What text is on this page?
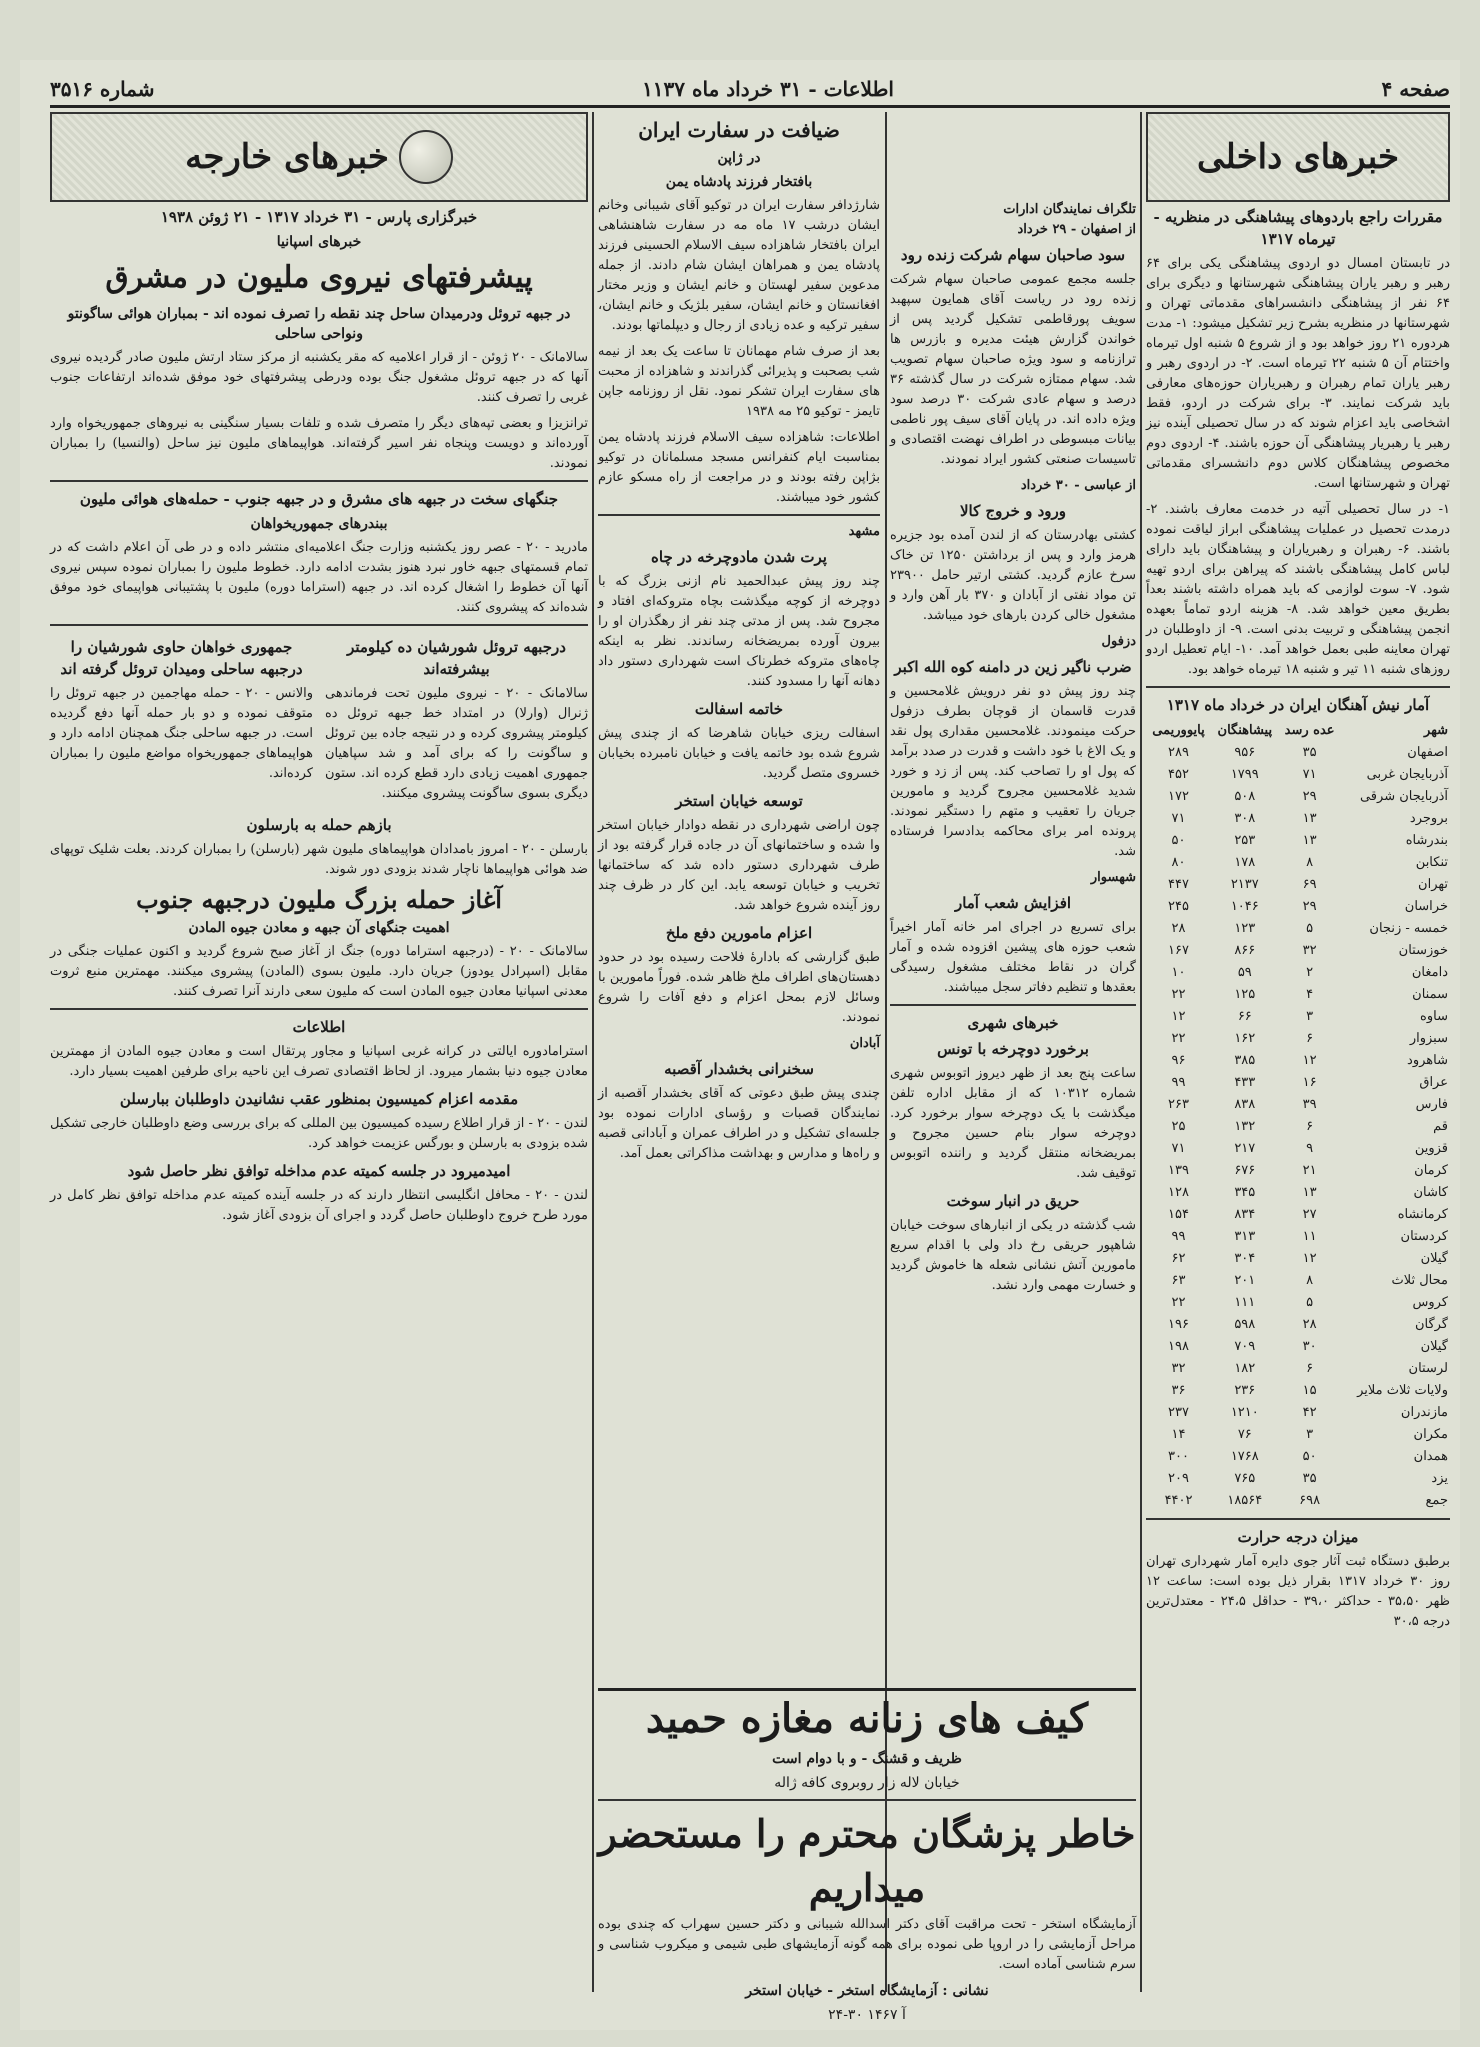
صفحه ۴
اطلاعات - ۳۱ خرداد ماه ۱۱۳۷
شماره ۳۵۱۶
خبرهای داخلی
مقررات راجع باردوهای پیشاهنگی در منظریه - تیرماه ۱۳۱۷

در تابستان امسال دو اردوی پیشاهنگی یکی برای ۶۴ رهبر و رهبر یاران پیشاهنگی شهرستانها و دیگری برای ۶۴ نفر از پیشاهنگی دانشسراهای مقدماتی تهران و شهرستانها در منظریه بشرح زیر تشکیل میشود: ۱- مدت هردوره ۲۱ روز خواهد بود و از شروع ۵ شنبه اول تیرماه واختتام آن ۵ شنبه ۲۲ تیرماه است. ۲- در اردوی رهبر و رهبر یاران تمام رهبران و رهبریاران حوزه‌های معارفی باید شرکت نمایند. ۳- برای شرکت در اردو، فقط اشخاصی باید اعزام شوند که در سال تحصیلی آینده نیز رهبر یا رهبریار پیشاهنگی آن حوزه باشند. ۴- اردوی دوم مخصوص پیشاهنگان کلاس دوم دانشسرای مقدماتی تهران و شهرستانها است.

۱- در سال تحصیلی آتیه در خدمت معارف باشند. ۲- درمدت تحصیل در عملیات پیشاهنگی ابراز لیاقت نموده باشند. ۶- رهبران و رهبریاران و پیشاهنگان باید دارای لباس کامل پیشاهنگی باشند که پیراهن برای اردو تهیه شود. ۷- سوت لوازمی که باید همراه داشته باشند بعداً بطریق معین خواهد شد. ۸- هزینه اردو تماماً بعهده انجمن پیشاهنگی و تربیت بدنی است. ۹- از داوطلبان در تهران معاینه طبی بعمل خواهد آمد. ۱۰- ایام تعطیل اردو روزهای شنبه ۱۱ تیر و شنبه ۱۸ تیرماه خواهد بود.

آمار نیش آهنگان ایران در خرداد ماه ۱۳۱۷
شهر	عده رسد	پیشاهنگان	پایووریمی
اصفهان	۳۵	۹۵۶	۲۸۹
آذربایجان غربی	۷۱	۱۷۹۹	۴۵۲
آذربایجان شرقی	۲۹	۵۰۸	۱۷۲
بروجرد	۱۳	۳۰۸	۷۱
بندرشاه	۱۳	۲۵۳	۵۰
تنکابن	۸	۱۷۸	۸۰
تهران	۶۹	۲۱۳۷	۴۴۷
خراسان	۲۹	۱۰۴۶	۲۴۵
خمسه - زنجان	۵	۱۲۳	۲۸
خوزستان	۳۲	۸۶۶	۱۶۷
دامغان	۲	۵۹	۱۰
سمنان	۴	۱۲۵	۲۲
ساوه	۳	۶۶	۱۲
سبزوار	۶	۱۶۲	۲۲
شاهرود	۱۲	۳۸۵	۹۶
عراق	۱۶	۴۳۳	۹۹
فارس	۳۹	۸۳۸	۲۶۳
قم	۶	۱۳۲	۲۵
قزوین	۹	۲۱۷	۷۱
کرمان	۲۱	۶۷۶	۱۳۹
کاشان	۱۳	۳۴۵	۱۲۸
کرمانشاه	۲۷	۸۳۴	۱۵۴
کردستان	۱۱	۳۱۳	۹۹
گیلان	۱۲	۳۰۴	۶۲
محال ثلاث	۸	۲۰۱	۶۳
کروس	۵	۱۱۱	۲۲
گرگان	۲۸	۵۹۸	۱۹۶
گیلان	۳۰	۷۰۹	۱۹۸
لرستان	۶	۱۸۲	۳۲
ولایات ثلاث ملایر	۱۵	۲۳۶	۳۶
مازندران	۴۲	۱۲۱۰	۲۳۷
مکران	۳	۷۶	۱۴
همدان	۵۰	۱۷۶۸	۳۰۰
یزد	۳۵	۷۶۵	۲۰۹
جمع	۶۹۸	۱۸۵۶۴	۴۴۰۲
میزان درجه حرارت

برطبق دستگاه ثبت آثار جوی دایره آمار شهرداری تهران روز ۳۰ خرداد ۱۳۱۷ بقرار ذیل بوده است: ساعت ۱۲ ظهر ۳۵،۵۰ - حداکثر ۳۹،۰ - حداقل ۲۴،۵ - معتدل‌ترین درجه ۳۰،۵

تلگراف نمایندگان ادارات
از اصفهان - ۲۹ خرداد
سود صاحبان سهام شرکت زنده رود

جلسه مجمع عمومی صاحبان سهام شرکت زنده رود در ریاست آقای همایون سپهبد سویف پورقاطمی تشکیل گردید پس از خواندن گزارش هیئت مدیره و بازرس ها ترازنامه و سود ویژه صاحبان سهام تصویب شد. سهام ممتازه شرکت در سال گذشته ۳۶ درصد و سهام عادی شرکت ۳۰ درصد سود ویژه داده اند. در پایان آقای سیف پور ناطمی بیانات مبسوطی در اطراف نهضت اقتصادی و تاسیسات صنعتی کشور ایراد نمودند.

از عباسی - ۳۰ خرداد
ورود و خروج کالا

کشتی بهادرستان که از لندن آمده بود جزیره هرمز وارد و پس از برداشتن ۱۲۵۰ تن خاک سرخ عازم گردید. کشتی ارتیر حامل ۲۳۹۰۰ تن مواد نفتی از آبادان و ۳۷۰ بار آهن وارد و مشغول خالی کردن بارهای خود میباشد.

دزفول
ضرب ناگیر زین در دامنه کوه الله اکبر

چند روز پیش دو نفر درویش غلامحسین و قدرت قاسمان از قوچان بطرف دزفول حرکت مینمودند. غلامحسین مقداری پول نقد و یک الاغ با خود داشت و قدرت در صدد برآمد که پول او را تصاحب کند. پس از زد و خورد شدید غلامحسین مجروح گردید و مامورین جریان را تعقیب و متهم را دستگیر نمودند. پرونده امر برای محاکمه بدادسرا فرستاده شد.

شهسوار
افزایش شعب آمار

برای تسریع در اجرای امر خانه آمار اخیراً شعب حوزه های پیشین افزوده شده و آمار گران در نقاط مختلف مشغول رسیدگی بعقدها و تنظیم دفاتر سجل میباشند.

خبرهای شهری
برخورد دوچرخه با تونس

ساعت پنج بعد از ظهر دیروز اتوبوس شهری شماره ۱۰۳۱۲ که از مقابل اداره تلفن میگذشت با یک دوچرخه سوار برخورد کرد. دوچرخه سوار بنام حسین مجروح و بمریضخانه منتقل گردید و راننده اتوبوس توقیف شد.

حریق در انبار سوخت

شب گذشته در یکی از انبارهای سوخت خیابان شاهپور حریقی رخ داد ولی با اقدام سریع مامورین آتش نشانی شعله ها خاموش گردید و خسارت مهمی وارد نشد.

ضیافت در سفارت ایران
در ژاپن
بافتخار فرزند پادشاه یمن

شارژدافر سفارت ایران در توکیو آقای شیبانی وخانم ایشان درشب ۱۷ ماه مه در سفارت شاهنشاهی ایران بافتخار شاهزاده سیف الاسلام الحسینی فرزند پادشاه یمن و همراهان ایشان شام دادند. از جمله مدعوین سفیر لهستان و خانم ایشان و وزیر مختار افغانستان و خانم ایشان، سفیر بلژیک و خانم ایشان، سفیر ترکیه و عده زیادی از رجال و دیپلماتها بودند.

بعد از صرف شام مهمانان تا ساعت یک بعد از نیمه شب بصحبت و پذیرائی گذراندند و شاهزاده از محبت های سفارت ایران تشکر نمود. نقل از روزنامه جاپن تایمز - توکیو ۲۵ مه ۱۹۳۸

اطلاعات: شاهزاده سیف الاسلام فرزند پادشاه یمن بمناسبت ایام کنفرانس مسجد مسلمانان در توکیو بژاپن رفته بودند و در مراجعت از راه مسکو عازم کشور خود میباشند.

مشهد
پرت شدن مادوچرخه در چاه

چند روز پیش عبدالحمید نام ازنی بزرگ که با دوچرخه از کوچه میگذشت بچاه متروکه‌ای افتاد و مجروح شد. پس از مدتی چند نفر از رهگذران او را بیرون آورده بمریضخانه رساندند. نظر به اینکه چاه‌های متروکه خطرناک است شهرداری دستور داد دهانه آنها را مسدود کنند.

خاتمه اسفالت

اسفالت ریزی خیابان شاهرضا که از چندی پیش شروع شده بود خاتمه یافت و خیابان نامبرده بخیابان خسروی متصل گردید.

توسعه خیابان استخر

چون اراضی شهرداری در نقطه دوادار خیابان استخر وا شده و ساختمانهای آن در جاده قرار گرفته بود از طرف شهرداری دستور داده شد که ساختمانها تخریب و خیابان توسعه یابد. این کار در ظرف چند روز آینده شروع خواهد شد.

اعزام مامورین دفع ملخ

طبق گزارشی که بادارهٔ فلاحت رسیده بود در حدود دهستان‌های اطراف ملخ ظاهر شده. فوراً مامورین با وسائل لازم بمحل اعزام و دفع آفات را شروع نمودند.

آبادان
سخنرانی بخشدار آقصبه

چندی پیش طبق دعوتی که آقای بخشدار آقصبه از نمایندگان قصبات و رؤسای ادارات نموده بود جلسه‌ای تشکیل و در اطراف عمران و آبادانی قصبه و راه‌ها و مدارس و بهداشت مذاکراتی بعمل آمد.

کیف های زنانه مغازه حمید
ظریف و قشنگ - و با دوام است
خیابان لاله زار روبروی کافه ژاله
خاطر پزشگان محترم را مستحضر میداریم

آزمایشگاه استخر - تحت مراقبت آقای دکتر اسدالله شیبانی و دکتر حسین سهراب که چندی بوده مراحل آزمایشی را در اروپا طی نموده برای همه گونه آزمایشهای طبی شیمی و میکروب شناسی و سرم شناسی آماده است.

نشانی : آزمایشگاه استخر - خیابان استخر
آ ۱۴۶۷ ۳۰-۲۴
خبرهای خارجه
خبرگزاری پارس - ۳۱ خرداد ۱۳۱۷ - ۲۱ ژوئن ۱۹۳۸
خبرهای اسپانیا
پیشرفتهای نیروی ملیون در مشرق
در جبهه تروئل ودرمیدان ساحل چند نقطه را تصرف نموده اند - بمباران هوائی ساگونتو ونواحی ساحلی

سالامانک - ۲۰ ژوئن - از قرار اعلامیه که مقر یکشنبه از مرکز ستاد ارتش ملیون صادر گردیده نیروی آنها که در جبهه تروئل مشغول جنگ بوده ودرطی پیشرفتهای خود موفق شده‌اند ارتفاعات جنوب غربی را تصرف کنند.

ترانزیزا و بعضی تپه‌های دیگر را متصرف شده و تلفات بسیار سنگینی به نیروهای جمهوریخواه وارد آورده‌اند و دویست وپنجاه نفر اسیر گرفته‌اند. هواپیماهای ملیون نیز ساحل (والنسیا) را بمباران نمودند.

جنگهای سخت در جبهه های مشرق و در جبهه جنوب - حمله‌های هوائی ملیون
ببندرهای جمهوریخواهان

مادرید - ۲۰ - عصر روز یکشنبه وزارت جنگ اعلامیه‌ای منتشر داده و در طی آن اعلام داشت که در تمام قسمتهای جبهه خاور نبرد هنوز بشدت ادامه دارد. خطوط ملیون را بمباران نموده سپس نیروی آنها آن خطوط را اشغال کرده اند. در جبهه (استراما دوره) ملیون با پشتیبانی هواپیمای خود موفق شده‌اند که پیشروی کنند.

درجبهه تروئل شورشیان ده کیلومتر بیشرفته‌اند

سالامانک - ۲۰ - نیروی ملیون تحت فرماندهی ژنرال (وارلا) در امتداد خط جبهه تروئل ده کیلومتر پیشروی کرده و در نتیجه جاده بین تروئل و ساگونت را که برای آمد و شد سپاهیان جمهوری اهمیت زیادی دارد قطع کرده اند. ستون دیگری بسوی ساگونت پیشروی میکنند.

جمهوری خواهان حاوی شورشیان را درجبهه ساحلی ومیدان تروئل گرفته اند

والانس - ۲۰ - حمله مهاجمین در جبهه تروئل را متوقف نموده و دو بار حمله آنها دفع گردیده است. در جبهه ساحلی جنگ همچنان ادامه دارد و هواپیماهای جمهوریخواه مواضع ملیون را بمباران کرده‌اند.

بازهم حمله به بارسلون

بارسلن - ۲۰ - امروز بامدادان هواپیماهای ملیون شهر (بارسلن) را بمباران کردند. بعلت شلیک توپهای ضد هوائی هواپیماها ناچار شدند بزودی دور شوند.

آغاز حمله بزرگ ملیون درجبهه جنوب
اهمیت جنگهای آن جبهه و معادن جیوه المادن

سالامانک - ۲۰ - (درجبهه استراما دوره) جنگ از آغاز صبح شروع گردید و اکنون عملیات جنگی در مقابل (اسپرادل یودوز) جریان دارد. ملیون بسوی (المادن) پیشروی میکنند. مهمترین منبع ثروت معدنی اسپانیا معادن جیوه المادن است که ملیون سعی دارند آنرا تصرف کنند.

اطلاعات

استرامادوره ایالتی در کرانه غربی اسپانیا و مجاور پرتقال است و معادن جیوه المادن از مهمترین معادن جیوه دنیا بشمار میرود. از لحاظ اقتصادی تصرف این ناحیه برای طرفین اهمیت بسیار دارد.

مقدمه اعزام کمیسیون بمنظور عقب نشانیدن داوطلبان ببارسلن

لندن - ۲۰ - از قرار اطلاع رسیده کمیسیون بین المللی که برای بررسی وضع داوطلبان خارجی تشکیل شده بزودی به بارسلن و بورگس عزیمت خواهد کرد.

امیدمیرود در جلسه کمیته عدم مداخله توافق نظر حاصل شود

لندن - ۲۰ - محافل انگلیسی انتظار دارند که در جلسه آینده کمیته عدم مداخله توافق نظر کامل در مورد طرح خروج داوطلبان حاصل گردد و اجرای آن بزودی آغاز شود.
